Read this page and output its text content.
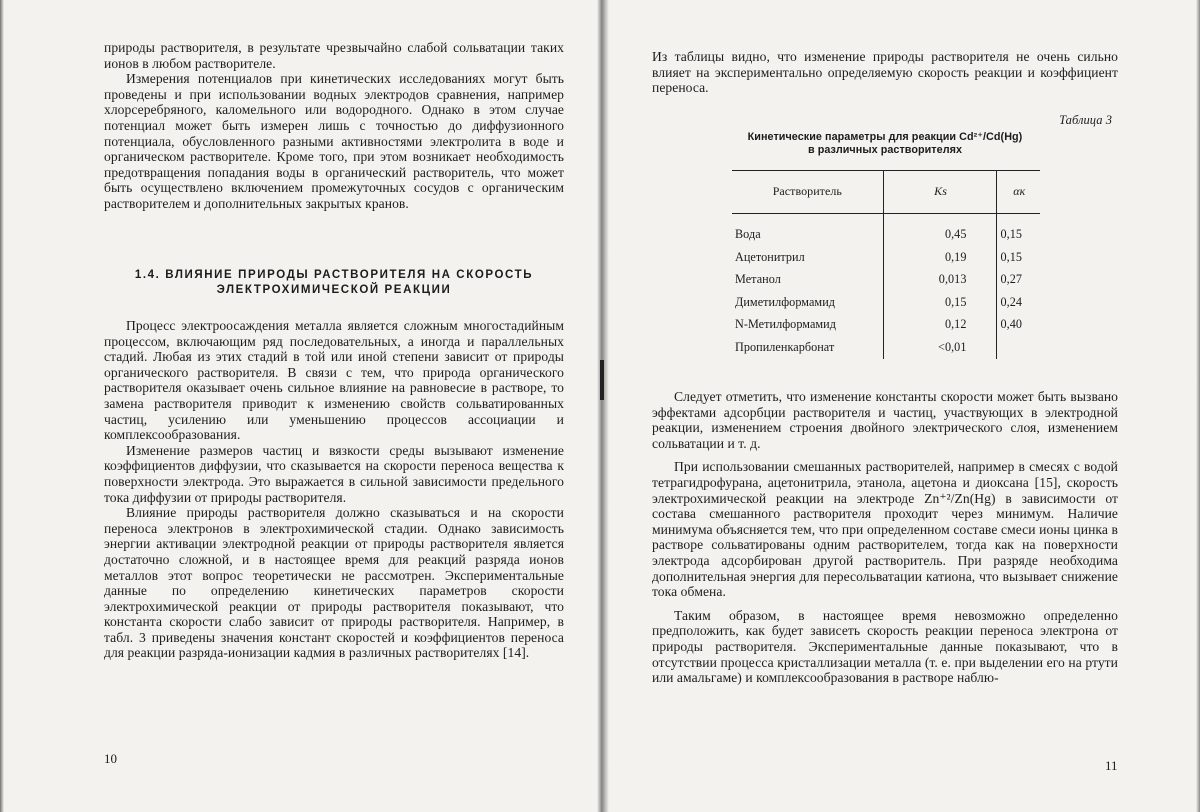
природы растворителя, в результате чрезвычайно слабой сольватации таких ионов в любом растворителе.

Измерения потенциалов при кинетических исследованиях могут быть проведены и при использовании водных электродов сравнения, например хлорсеребряного, каломельного или водородного. Однако в этом случае потенциал может быть измерен лишь с точностью до диффузионного потенциала, обусловленного разными активностями электролита в воде и органическом растворителе. Кроме того, при этом возникает необходимость предотвращения попадания воды в органический растворитель, что может быть осуществлено включением промежуточных сосудов с органическим растворителем и дополнительных закрытых кранов.

1.4. ВЛИЯНИЕ ПРИРОДЫ РАСТВОРИТЕЛЯ НА СКОРОСТЬ
ЭЛЕКТРОХИМИЧЕСКОЙ РЕАКЦИИ

Процесс электроосаждения металла является сложным многостадийным процессом, включающим ряд последовательных, а иногда и параллельных стадий. Любая из этих стадий в той или иной степени зависит от природы органического растворителя. В связи с тем, что природа органического растворителя оказывает очень сильное влияние на равновесие в растворе, то замена растворителя приводит к изменению свойств сольватированных частиц, усилению или уменьшению процессов ассоциации и комплексообразования.

Изменение размеров частиц и вязкости среды вызывают изменение коэффициентов диффузии, что сказывается на скорости переноса вещества к поверхности электрода. Это выражается в сильной зависимости предельного тока диффузии от природы растворителя.

Влияние природы растворителя должно сказываться и на скорости переноса электронов в электрохимической стадии. Однако зависимость энергии активации электродной реакции от природы растворителя является достаточно сложной, и в настоящее время для реакций разряда ионов металлов этот вопрос теоретически не рассмотрен. Экспериментальные данные по определению кинетических параметров скорости электрохимической реакции от природы растворителя показывают, что константа скорости слабо зависит от природы растворителя. Например, в табл. 3 приведены значения констант скоростей и коэффициентов переноса для реакции разряда-ионизации кадмия в различных растворителях [14].

10

Из таблицы видно, что изменение природы растворителя не очень сильно влияет на экспериментально определяемую скорость реакции и коэффициент переноса.

Таблица 3
Кинетические параметры для реакции Cd²⁺/Cd(Hg)
в различных растворителях
Растворитель	Ks	αк
Вода	0,45	0,15
Ацетонитрил	0,19	0,15
Метанол	0,013	0,27
Диметилформамид	0,15	0,24
N-Метилформамид	0,12	0,40
Пропиленкарбонат	<0,01	

Следует отметить, что изменение константы скорости может быть вызвано эффектами адсорбции растворителя и частиц, участвующих в электродной реакции, изменением строения двойного электрического слоя, изменением сольватации и т. д.

При использовании смешанных растворителей, например в смесях с водой тетрагидрофурана, ацетонитрила, этанола, ацетона и диоксана [15], скорость электрохимической реакции на электроде Zn⁺²/Zn(Hg) в зависимости от состава смешанного растворителя проходит через минимум. Наличие минимума объясняется тем, что при определенном составе смеси ионы цинка в растворе сольватированы одним растворителем, тогда как на поверхности электрода адсорбирован другой растворитель. При разряде необходима дополнительная энергия для пересольватации катиона, что вызывает снижение тока обмена.

Таким образом, в настоящее время невозможно определенно предположить, как будет зависеть скорость реакции переноса электрона от природы растворителя. Экспериментальные данные показывают, что в отсутствии процесса кристаллизации металла (т. е. при выделении его на ртути или амальгаме) и комплексообразования в растворе наблю-

11
